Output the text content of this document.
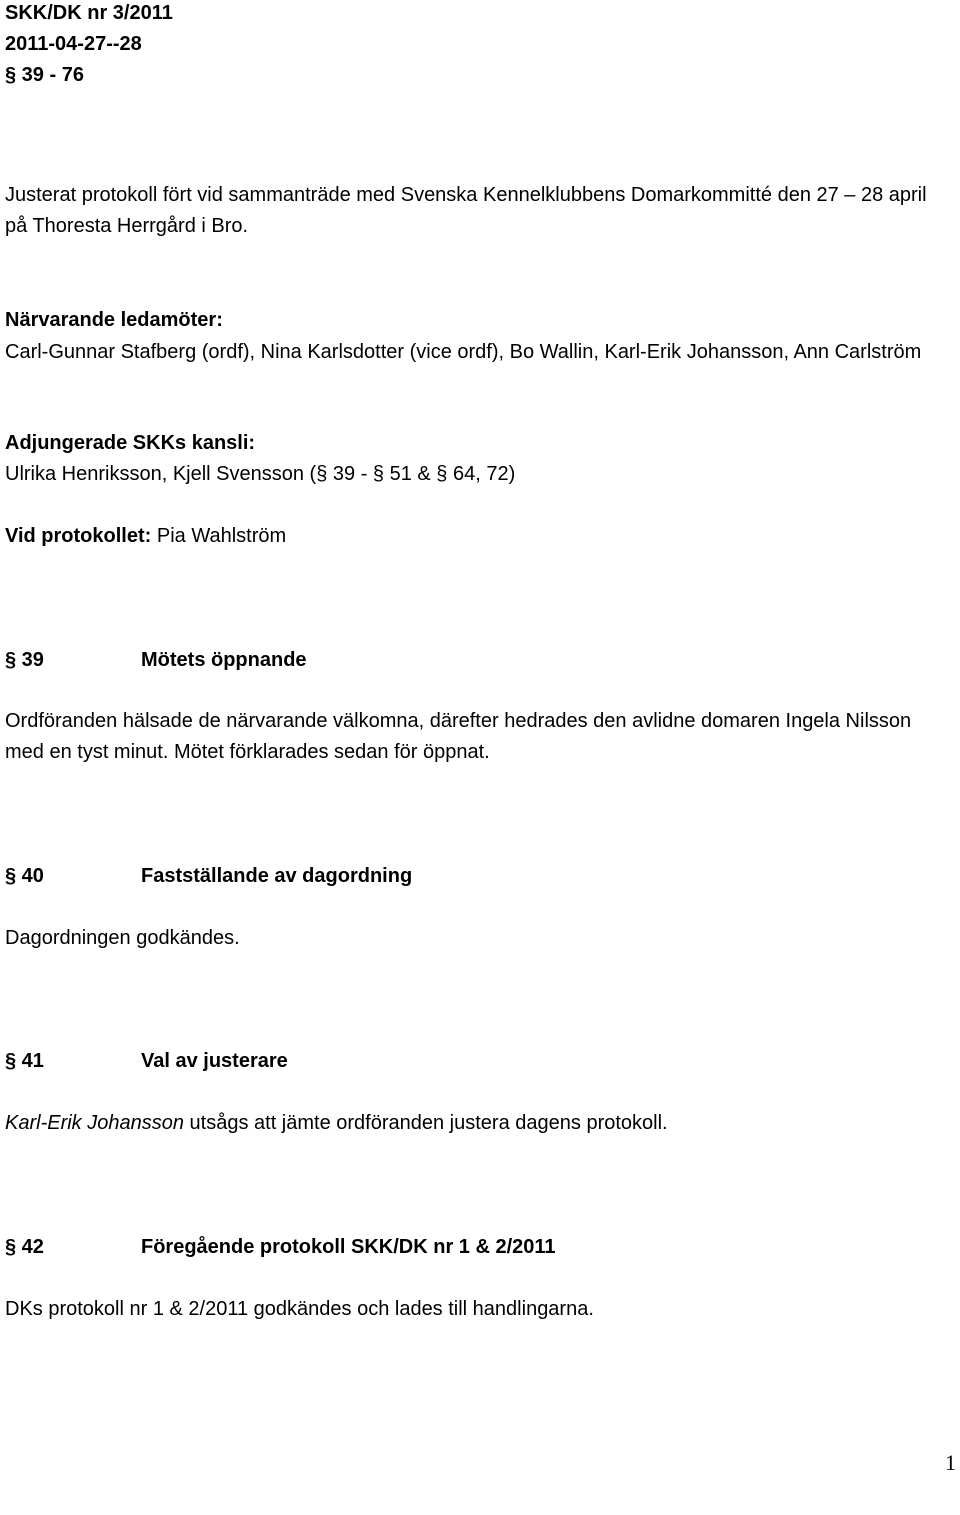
SKK/DK nr 3/2011
2011-04-27--28
§ 39 - 76
Justerat protokoll fört vid sammanträde med Svenska Kennelklubbens Domarkommitté den 27 – 28 april på Thoresta Herrgård i Bro.
Närvarande ledamöter:
Carl-Gunnar Stafberg (ordf), Nina Karlsdotter (vice ordf), Bo Wallin, Karl-Erik Johansson, Ann Carlström
Adjungerade SKKs kansli:
Ulrika Henriksson, Kjell Svensson (§ 39 - § 51 & § 64, 72)
Vid protokollet: Pia Wahlström
§ 39	Mötets öppnande
Ordföranden hälsade de närvarande välkomna, därefter hedrades den avlidne domaren Ingela Nilsson med en tyst minut. Mötet förklarades sedan för öppnat.
§ 40	Fastställande av dagordning
Dagordningen godkändes.
§ 41	Val av justerare
Karl-Erik Johansson utsågs att jämte ordföranden justera dagens protokoll.
§ 42	Föregående protokoll SKK/DK nr 1 & 2/2011
DKs protokoll nr 1 & 2/2011 godkändes och lades till handlingarna.
1
